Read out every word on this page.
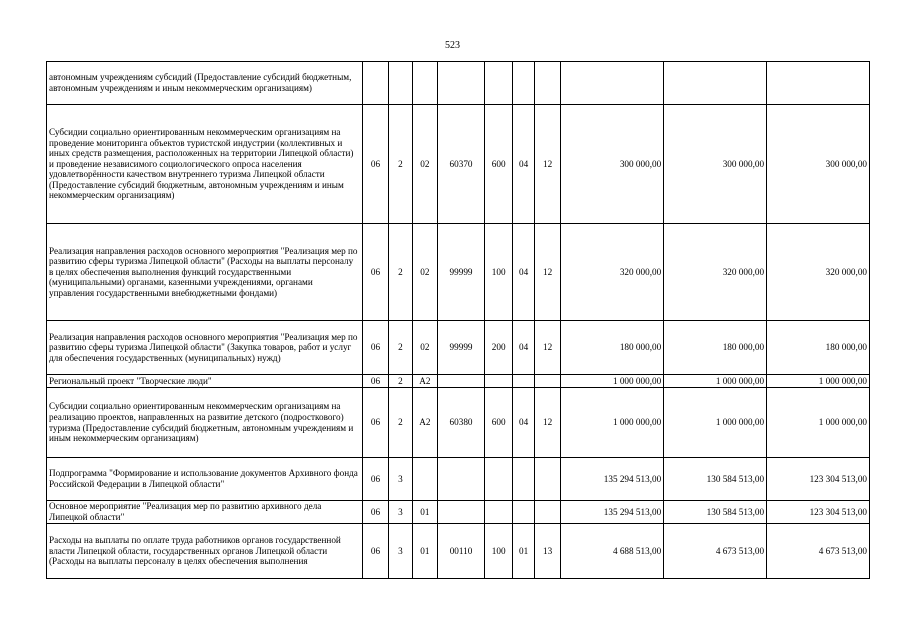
523
автономным учреждениям субсидий (Предоставление субсидий бюджетным, автономным учреждениям и иным некоммерческим организациям)										
Субсидии социально ориентированным некоммерческим организациям на проведение мониторинга объектов туристской индустрии (коллективных и иных средств размещения, расположенных на территории Липецкой области) и проведение независимого социологического опроса населения удовлетворённости качеством внутреннего туризма Липецкой области (Предоставление субсидий бюджетным, автономным учреждениям и иным некоммерческим организациям)	06	2	02	60370	600	04	12	300 000,00	300 000,00	300 000,00
Реализация направления расходов основного мероприятия "Реализация мер по развитию сферы туризма Липецкой области" (Расходы на выплаты персоналу в целях обеспечения выполнения функций государственными (муниципальными) органами, казенными учреждениями, органами управления государственными внебюджетными фондами)	06	2	02	99999	100	04	12	320 000,00	320 000,00	320 000,00
Реализация направления расходов основного мероприятия "Реализация мер по развитию сферы туризма Липецкой области" (Закупка товаров, работ и услуг для обеспечения государственных (муниципальных) нужд)	06	2	02	99999	200	04	12	180 000,00	180 000,00	180 000,00
Региональный проект "Творческие люди"	06	2	A2					1 000 000,00	1 000 000,00	1 000 000,00
Субсидии социально ориентированным некоммерческим организациям на реализацию проектов, направленных на развитие детского (подросткового) туризма (Предоставление субсидий бюджетным, автономным учреждениям и иным некоммерческим организациям)	06	2	A2	60380	600	04	12	1 000 000,00	1 000 000,00	1 000 000,00
Подпрограмма "Формирование и использование документов Архивного фонда Российской Федерации в Липецкой области"	06	3						135 294 513,00	130 584 513,00	123 304 513,00
Основное мероприятие "Реализация мер по развитию архивного дела Липецкой области"	06	3	01					135 294 513,00	130 584 513,00	123 304 513,00
Расходы на выплаты по оплате труда работников органов государственной власти Липецкой области, государственных органов Липецкой области (Расходы на выплаты персоналу в целях обеспечения выполнения	06	3	01	00110	100	01	13	4 688 513,00	4 673 513,00	4 673 513,00
